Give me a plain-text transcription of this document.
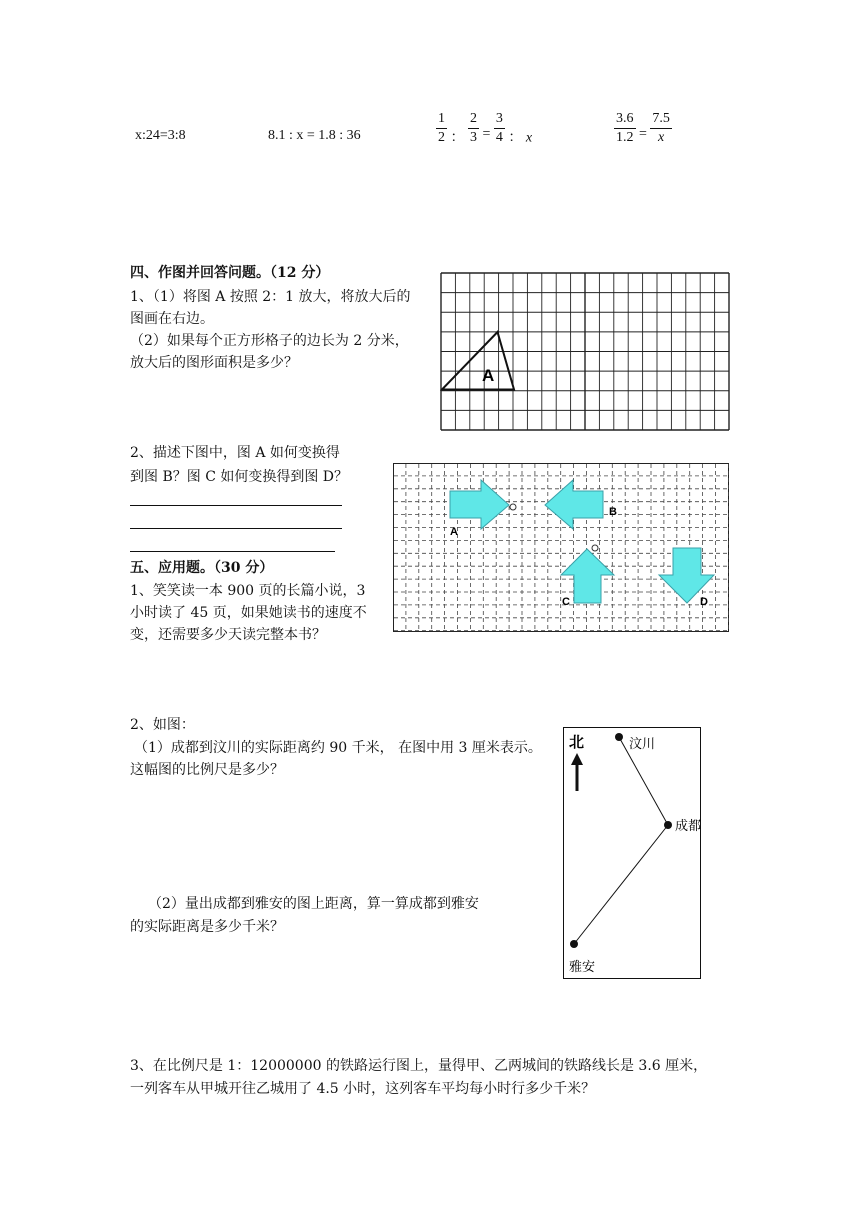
x:24=3:8	8.1 : x = 1.8 : 36	$\frac{1}{2}$ ： $\frac{2}{3} = \frac{3}{4}$ ： x	$\frac{3.6}{1.2} = \frac{7.5}{x}$
四、作图并回答问题。（12 分）
1、（1）将图 A 按照 2：1 放大，将放大后的
图画在右边。
（2）如果每个正方形格子的边长为 2 分米，
放大后的图形面积是多少？
A
2、描述下图中，图 A 如何变换得
到图 B？图 C 如何变换得到图 D？
A
B
C	D
五、应用题。（30 分）
1、笑笑读一本 900 页的长篇小说，3
小时读了 45 页，如果她读书的速度不
变，还需要多少天读完整本书？
2、如图：
（1）成都到汶川的实际距离约 90 千米， 在图中用 3 厘米表示。
这幅图的比例尺是多少？
（2）量出成都到雅安的图上距离，算一算成都到雅安
的实际距离是多少千米？
北	汶川
成都
雅安
3、在比例尺是 1：12000000 的铁路运行图上，量得甲、乙两城间的铁路线长是 3.6 厘米，
一列客车从甲城开往乙城用了 4.5 小时，这列客车平均每小时行多少千米？
